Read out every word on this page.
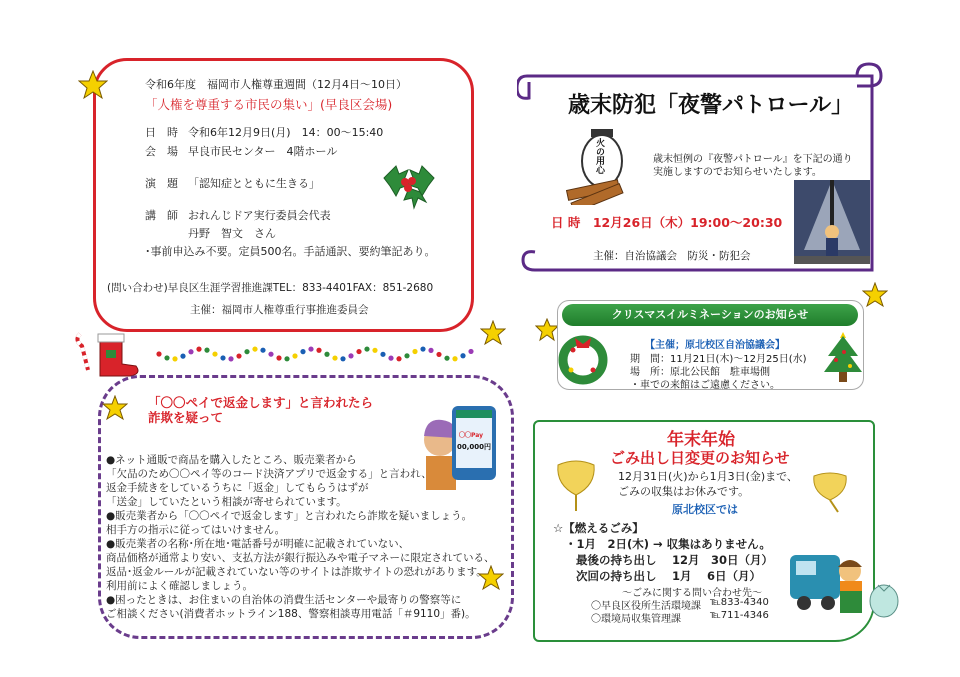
令和6年度　福岡市人権尊重週間（12月4日〜10日）
「人権を尊重する市民の集い」(早良区会場)
日　時 令和6年12月9日(月)　14：00〜15:40
会　場 早良市民センター　4階ホール
演　題 「認知症とともに生きる」
講　師 おれんじドア実行委員会代表
丹野　智文　さん
･事前申込み不要。定員500名。手話通訳、要約筆記あり。
(問い合わせ)早良区生涯学習推進課TEL：833-4401FAX：851-2680
主催：福岡市人権尊重行事推進委員会
歳末防犯「夜警パトロール」
火の用心	歳末恒例の『夜警パトロール』を下記の通り
実施しますのでお知らせいたします。
日 時　12月26日（木）19:00〜20:30
主催：自治協議会　防災・防犯会
クリスマスイルミネーションのお知らせ
【主催；原北校区自治協議会】
期　間：11月21日(木)〜12月25日(水)
場　所：原北公民館　駐車場側
・車での来館はご遠慮ください。
「〇〇ペイで返金します」と言われたら
詐欺を疑って
〇〇Pay
00,000円
●ネット通販で商品を購入したところ、販売業者から
「欠品のため〇〇ペイ等のコード決済アプリで返金する」と言われ、
返金手続きをしているうちに「返金」してもらうはずが
「送金」していたという相談が寄せられています。
●販売業者から「〇〇ペイで返金します」と言われたら詐欺を疑いましょう。
相手方の指示に従ってはいけません。
●販売業者の名称･所在地･電話番号が明確に記載されていない、
商品価格が通常より安い、支払方法が銀行振込みや電子マネーに限定されている、
返品･返金ルールが記載されていない等のサイトは詐欺サイトの恐れがあります。
利用前によく確認しましょう。
●困ったときは、お住まいの自治体の消費生活センターや最寄りの警察等に
ご相談ください(消費者ホットライン188、警察相談専用電話「＃9110」番)。
年末年始
ごみ出し日変更のお知らせ
12月31日(火)から1月3日(金)まで、
ごみの収集はお休みです。
原北校区では
☆【燃えるごみ】
・1月　2日(木) → 収集はありません。
最後の持ち出し　 12月　30日（月）
次回の持ち出し　 1月　 6日（月）
〜ごみに関する問い合わせ先〜
〇早良区役所生活環境課 ℡833-4340
〇環境局収集管理課	℡711-4346
